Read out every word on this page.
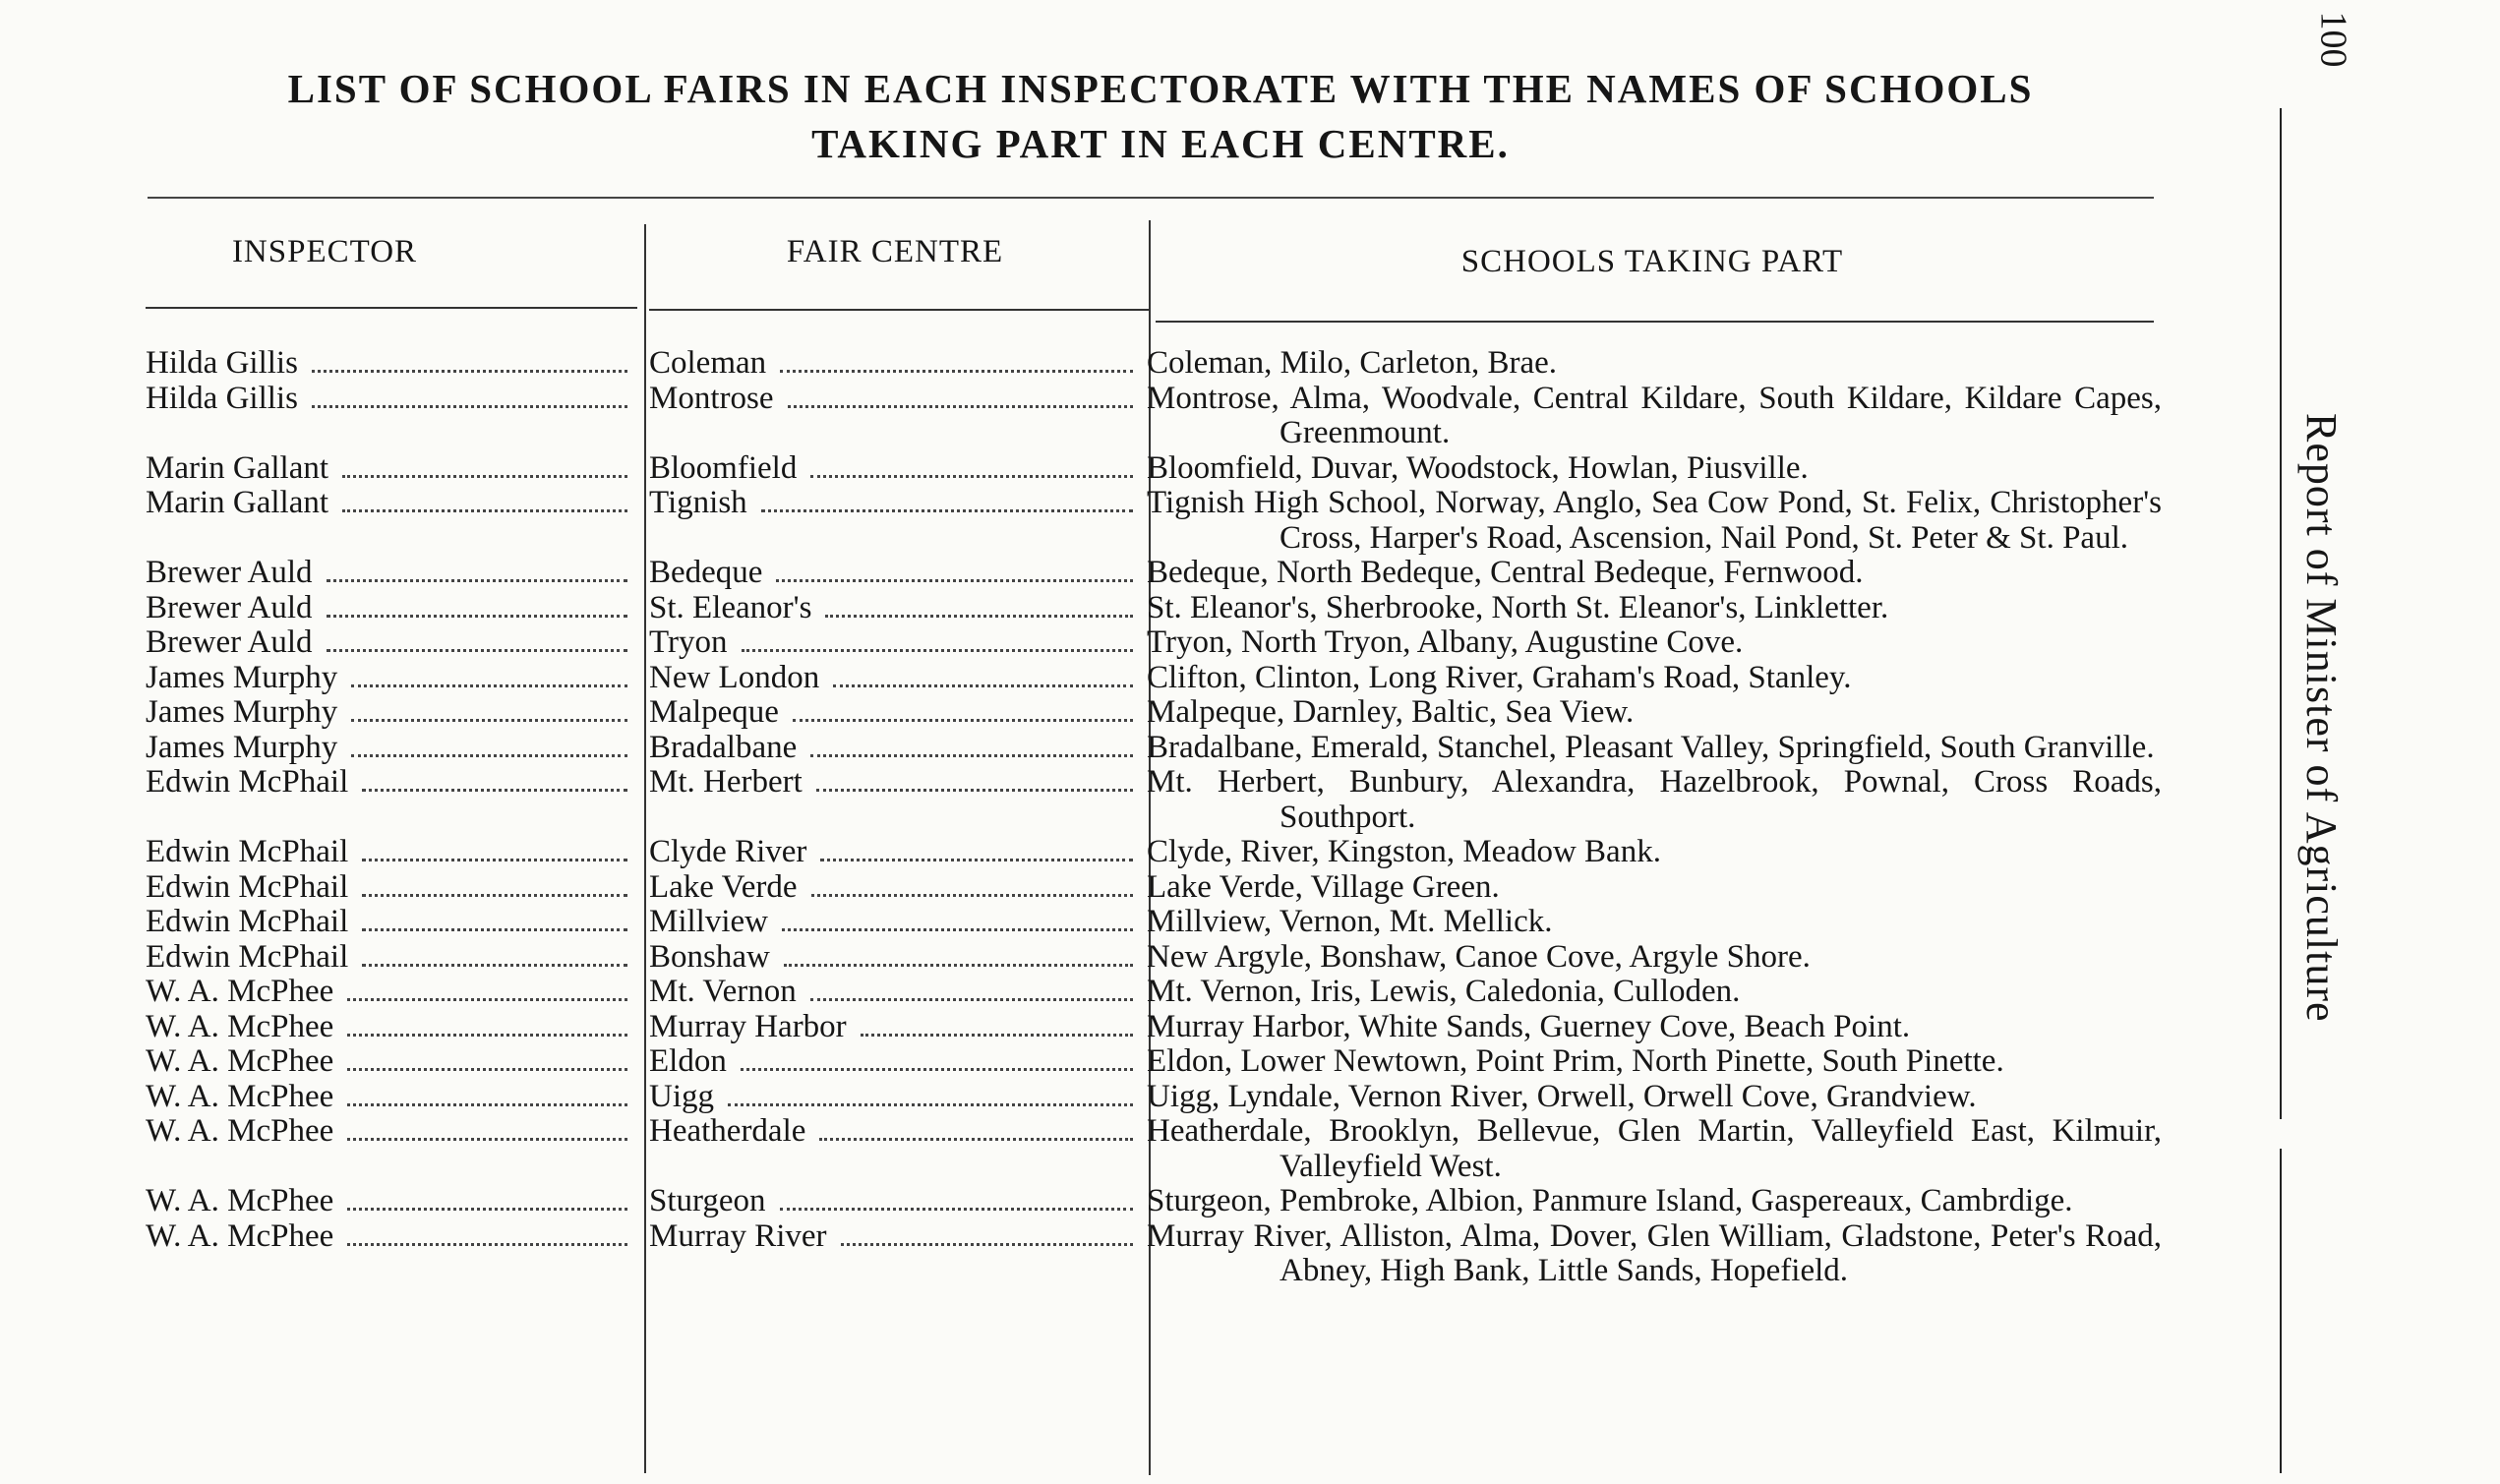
LIST OF SCHOOL FAIRS IN EACH INSPECTORATE WITH THE NAMES OF SCHOOLS
TAKING PART IN EACH CENTRE.
INSPECTOR	FAIR CENTRE	SCHOOLS TAKING PART
Hilda Gillis	Coleman	Coleman, Milo, Carleton, Brae.
Hilda Gillis	Montrose	Montrose, Alma, Woodvale, Central Kildare, South Kildare, Kildare Capes, Greenmount.
Marin Gallant	Bloomfield	Bloomfield, Duvar, Woodstock, Howlan, Piusville.
Marin Gallant	Tignish	Tignish High School, Norway, Anglo, Sea Cow Pond, St. Felix, Christopher's Cross, Harper's Road, Ascension, Nail Pond, St. Peter & St. Paul.
Brewer Auld	Bedeque	Bedeque, North Bedeque, Central Bedeque, Fernwood.
Brewer Auld	St. Eleanor's	St. Eleanor's, Sherbrooke, North St. Eleanor's, Linkletter.
Brewer Auld	Tryon	Tryon, North Tryon, Albany, Augustine Cove.
James Murphy	New London	Clifton, Clinton, Long River, Graham's Road, Stanley.
James Murphy	Malpeque	Malpeque, Darnley, Baltic, Sea View.
James Murphy	Bradalbane	Bradalbane, Emerald, Stanchel, Pleasant Valley, Springfield, South Granville.
Edwin McPhail	Mt. Herbert	Mt. Herbert, Bunbury, Alexandra, Hazelbrook, Pownal, Cross Roads, Southport.
Edwin McPhail	Clyde River	Clyde, River, Kingston, Meadow Bank.
Edwin McPhail	Lake Verde	Lake Verde, Village Green.
Edwin McPhail	Millview	Millview, Vernon, Mt. Mellick.
Edwin McPhail	Bonshaw	New Argyle, Bonshaw, Canoe Cove, Argyle Shore.
W. A. McPhee	Mt. Vernon	Mt. Vernon, Iris, Lewis, Caledonia, Culloden.
W. A. McPhee	Murray Harbor	Murray Harbor, White Sands, Guerney Cove, Beach Point.
W. A. McPhee	Eldon	Eldon, Lower Newtown, Point Prim, North Pinette, South Pinette.
W. A. McPhee	Uigg	Uigg, Lyndale, Vernon River, Orwell, Orwell Cove, Grandview.
W. A. McPhee	Heatherdale	Heatherdale, Brooklyn, Bellevue, Glen Martin, Valleyfield East, Kilmuir, Valleyfield West.
W. A. McPhee	Sturgeon	Sturgeon, Pembroke, Albion, Panmure Island, Gaspereaux, Cambrdige.
W. A. McPhee	Murray River	Murray River, Alliston, Alma, Dover, Glen William, Gladstone, Peter's Road, Abney, High Bank, Little Sands, Hopefield.
100
Report of Minister of Agriculture
